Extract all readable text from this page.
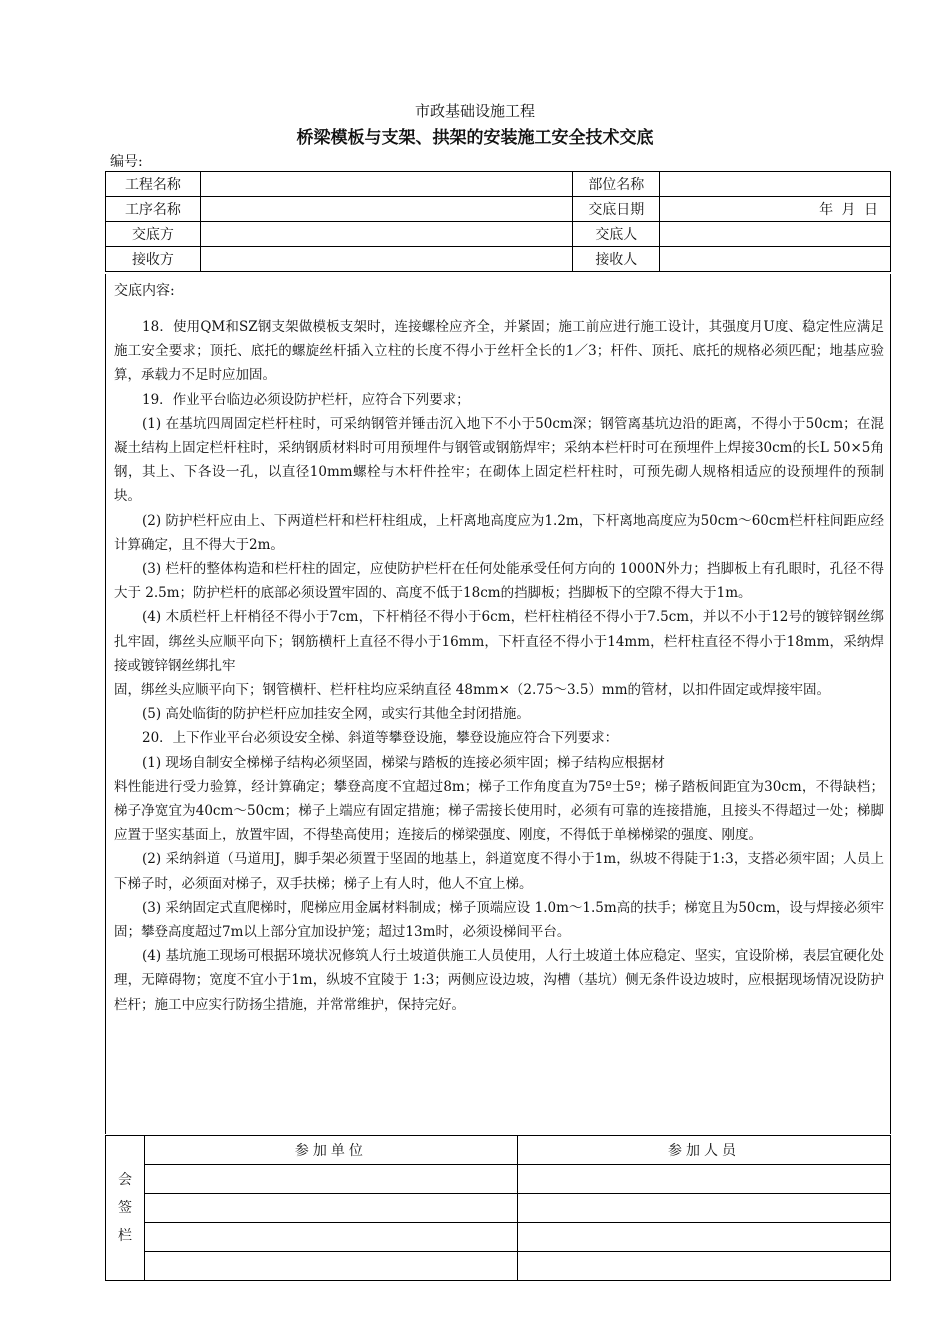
市政基础设施工程
桥梁模板与支架、拱架的安装施工安全技术交底
编号:
工程名称		部位名称	
工序名称		交底日期	年 月 日
交底方		交底人	
接收方		接收人	
交底内容:

18．使用QM和SZ钢支架做模板支架时，连接螺栓应齐全，并紧固；施工前应进行施工设计，其强度月U度、稳定性应满足施工安全要求；顶托、底托的螺旋丝杆插入立柱的长度不得小于丝杆全长的1／3；杆件、顶托、底托的规格必须匹配；地基应验算，承载力不足时应加固。

19．作业平台临边必须设防护栏杆，应符合下列要求；

(1) 在基坑四周固定栏杆柱时，可采纳钢管并锤击沉入地下不小于50cm深；钢管离基坑边沿的距离，不得小于50cm；在混凝土结构上固定栏杆柱时，采纳钢质材料时可用预埋件与钢管或钢筋焊牢；采纳本栏杆时可在预埋件上焊接30cm的长L 50×5角钢，其上、下各设一孔，以直径10mm螺栓与木杆件拴牢；在砌体上固定栏杆柱时，可预先砌人规格相适应的设预埋件的预制块。

(2) 防护栏杆应由上、下两道栏杆和栏杆柱组成，上杆离地高度应为1.2m，下杆离地高度应为50cm～60cm栏杆柱间距应经计算确定，且不得大于2m。

(3) 栏杆的整体构造和栏杆柱的固定，应使防护栏杆在任何处能承受任何方向的 1000N外力；挡脚板上有孔眼时，孔径不得大于 2.5m；防护栏杆的底部必须设置牢固的、高度不低于18cm的挡脚板；挡脚板下的空隙不得大于1m。

(4) 木质栏杆上杆梢径不得小于7cm，下杆梢径不得小于6cm，栏杆柱梢径不得小于7.5cm，并以不小于12号的镀锌钢丝绑扎牢固，绑丝头应顺平向下；钢筋横杆上直径不得小于16mm，下杆直径不得小于14mm，栏杆柱直径不得小于18mm，采纳焊接或镀锌钢丝绑扎牢

固，绑丝头应顺平向下；钢管横杆、栏杆柱均应采纳直径 48mm×（2.75～3.5）mm的管材，以扣件固定或焊接牢固。

(5) 高处临街的防护栏杆应加挂安全网，或实行其他全封闭措施。

20．上下作业平台必须设安全梯、斜道等攀登设施，攀登设施应符合下列要求：

(1) 现场自制安全梯梯子结构必须坚固，梯梁与踏板的连接必须牢固；梯子结构应根据材

料性能进行受力验算，经计算确定；攀登高度不宜超过8m；梯子工作角度直为75º士5º；梯子踏板间距宜为30cm，不得缺档；梯子净宽宜为40cm～50cm；梯子上端应有固定措施；梯子需接长使用时，必须有可靠的连接措施，且接头不得超过一处；梯脚应置于坚实基面上，放置牢固，不得垫高使用；连接后的梯梁强度、刚度，不得低于单梯梯梁的强度、刚度。

(2) 采纳斜道（马道用J，脚手架必须置于坚固的地基上，斜道宽度不得小于1m，纵坡不得陡于1:3，支搭必须牢固；人员上下梯子时，必须面对梯子，双手扶梯；梯子上有人时，他人不宜上梯。

(3) 采纳固定式直爬梯时，爬梯应用金属材料制成；梯子顶端应设 1.0m～1.5m高的扶手；梯宽且为50cm，设与焊接必须牢固；攀登高度超过7m以上部分宜加设护笼；超过13m时，必须设梯间平台。

(4) 基坑施工现场可根据环境状况修筑人行土坡道供施工人员使用，人行土坡道土体应稳定、坚实，宜设阶梯，表层宜硬化处理，无障碍物；宽度不宜小于1m，纵坡不宜陵于 1:3；两侧应设边坡，沟槽（基坑）侧无条件设边坡时，应根据现场情况设防护栏杆；施工中应实行防扬尘措施，并常常维护，保持完好。

会
签
栏	参加单位	参加人员
